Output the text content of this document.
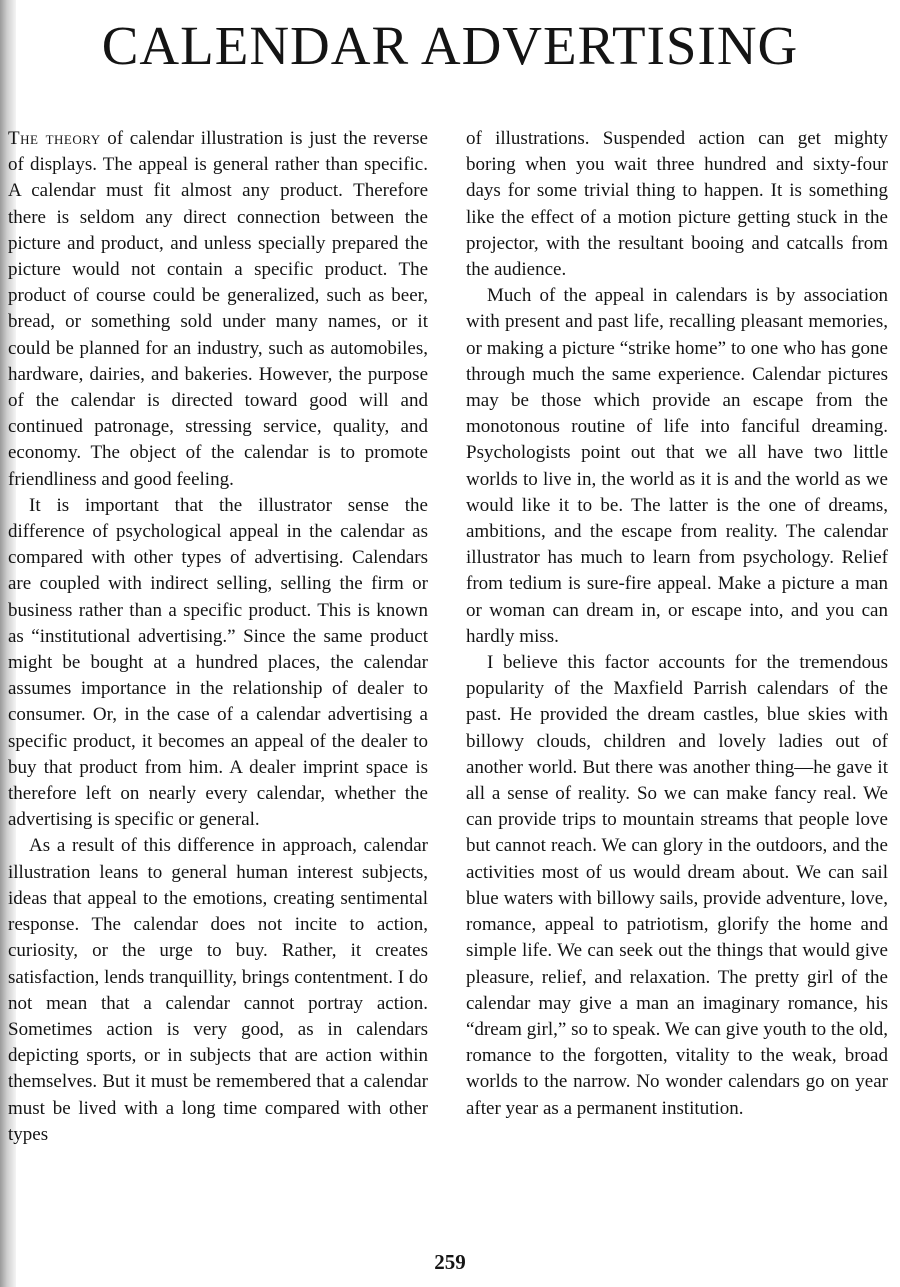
CALENDAR ADVERTISING

The theory of calendar illustration is just the reverse of displays. The appeal is general rather than specific. A calendar must fit almost any product. Therefore there is seldom any direct connection between the picture and product, and unless specially prepared the picture would not contain a specific product. The product of course could be generalized, such as beer, bread, or something sold under many names, or it could be planned for an industry, such as automobiles, hardware, dairies, and bakeries. However, the purpose of the calendar is directed toward good will and continued patronage, stressing service, quality, and economy. The object of the calendar is to promote friendliness and good feeling.

It is important that the illustrator sense the difference of psychological appeal in the calendar as compared with other types of advertising. Calendars are coupled with indirect selling, selling the firm or business rather than a specific product. This is known as “institutional advertising.” Since the same product might be bought at a hundred places, the calendar assumes importance in the relationship of dealer to consumer. Or, in the case of a calendar advertising a specific product, it becomes an appeal of the dealer to buy that product from him. A dealer imprint space is therefore left on nearly every calendar, whether the advertising is specific or general.

As a result of this difference in approach, calendar illustration leans to general human interest subjects, ideas that appeal to the emotions, creating sentimental response. The calendar does not incite to action, curiosity, or the urge to buy. Rather, it creates satisfaction, lends tranquillity, brings contentment. I do not mean that a calendar cannot portray action. Sometimes action is very good, as in calendars depicting sports, or in subjects that are action within themselves. But it must be remembered that a calendar must be lived with a long time compared with other types

of illustrations. Suspended action can get mighty boring when you wait three hundred and sixty-four days for some trivial thing to happen. It is something like the effect of a motion picture getting stuck in the projector, with the resultant booing and catcalls from the audience.

Much of the appeal in calendars is by association with present and past life, recalling pleasant memories, or making a picture “strike home” to one who has gone through much the same experience. Calendar pictures may be those which provide an escape from the monotonous routine of life into fanciful dreaming. Psychologists point out that we all have two little worlds to live in, the world as it is and the world as we would like it to be. The latter is the one of dreams, ambitions, and the escape from reality. The calendar illustrator has much to learn from psychology. Relief from tedium is sure-fire appeal. Make a picture a man or woman can dream in, or escape into, and you can hardly miss.

I believe this factor accounts for the tremendous popularity of the Maxfield Parrish calendars of the past. He provided the dream castles, blue skies with billowy clouds, children and lovely ladies out of another world. But there was another thing—he gave it all a sense of reality. So we can make fancy real. We can provide trips to mountain streams that people love but cannot reach. We can glory in the outdoors, and the activities most of us would dream about. We can sail blue waters with billowy sails, provide adventure, love, romance, appeal to patriotism, glorify the home and simple life. We can seek out the things that would give pleasure, relief, and relaxation. The pretty girl of the calendar may give a man an imaginary romance, his “dream girl,” so to speak. We can give youth to the old, romance to the forgotten, vitality to the weak, broad worlds to the narrow. No wonder calendars go on year after year as a permanent institution.

259
